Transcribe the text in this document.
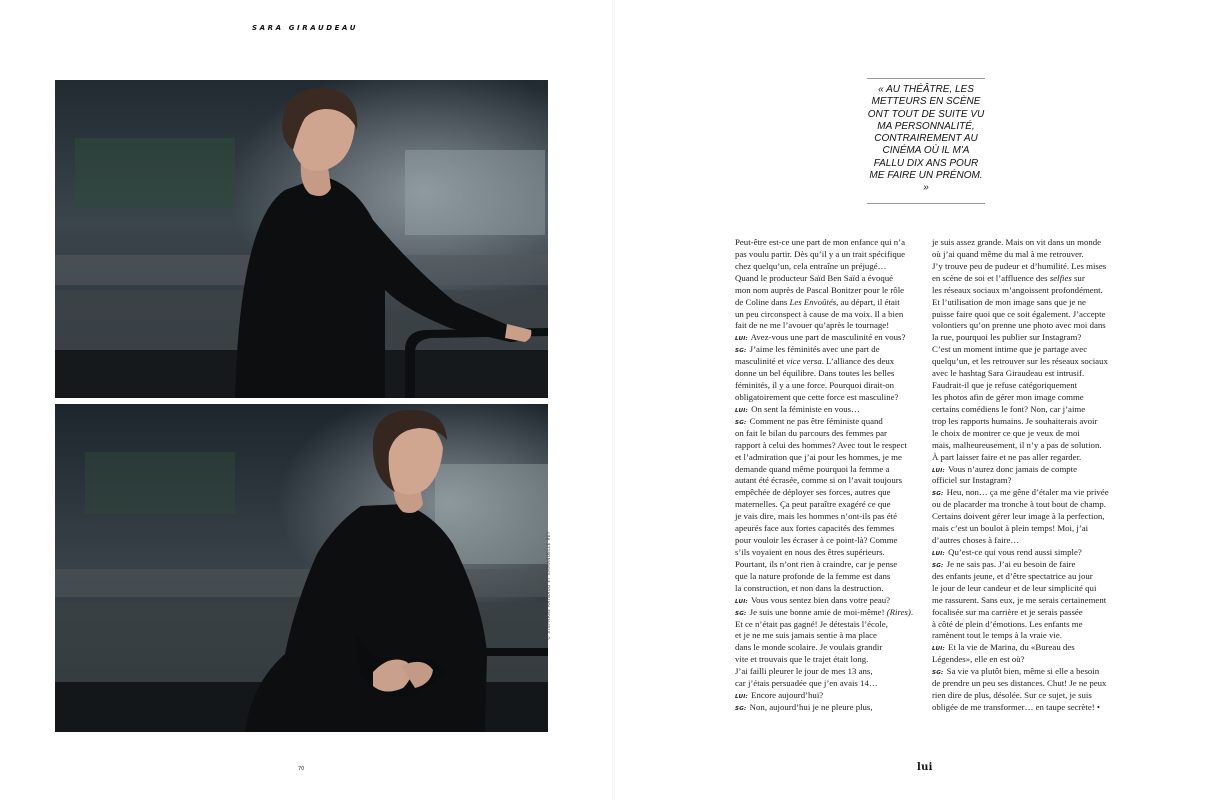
SARA GIRAUDEAU
© STÉPHANE RAYBAUD ET EMMANUELLE REY
« AU THÉÂTRE, LES
METTEURS EN SCÈNE
ONT TOUT DE SUITE VU
MA PERSONNALITÉ,
CONTRAIREMENT AU
CINÉMA OÙ IL M'A
FALLU DIX ANS POUR
ME FAIRE UN PRÉNOM. »
Peut-être est-ce une part de mon enfance qui n’a
pas voulu partir. Dès qu’il y a un trait spécifique
chez quelqu’un, cela entraîne un préjugé…
Quand le producteur Saïd Ben Saïd a évoqué
mon nom auprès de Pascal Bonitzer pour le rôle
de Coline dans Les Envoûtés, au départ, il était
un peu circonspect à cause de ma voix. Il a bien
fait de ne me l’avouer qu’après le tournage!
LUI: Avez-vous une part de masculinité en vous?
SG: J’aime les féminités avec une part de
masculinité et vice versa. L’alliance des deux
donne un bel équilibre. Dans toutes les belles
féminités, il y a une force. Pourquoi dirait-on
obligatoirement que cette force est masculine?
LUI: On sent la féministe en vous…
SG: Comment ne pas être féministe quand
on fait le bilan du parcours des femmes par
rapport à celui des hommes? Avec tout le respect
et l’admiration que j’ai pour les hommes, je me
demande quand même pourquoi la femme a
autant été écrasée, comme si on l’avait toujours
empêchée de déployer ses forces, autres que
maternelles. Ça peut paraître exagéré ce que
je vais dire, mais les hommes n’ont-ils pas été
apeurés face aux fortes capacités des femmes
pour vouloir les écraser à ce point-là? Comme
s’ils voyaient en nous des êtres supérieurs.
Pourtant, ils n’ont rien à craindre, car je pense
que la nature profonde de la femme est dans
la construction, et non dans la destruction.
LUI: Vous vous sentez bien dans votre peau?
SG: Je suis une bonne amie de moi-même! (Rires).
Et ce n’était pas gagné! Je détestais l’école,
et je ne me suis jamais sentie à ma place
dans le monde scolaire. Je voulais grandir
vite et trouvais que le trajet était long.
J’ai failli pleurer le jour de mes 13 ans,
car j’étais persuadée que j’en avais 14…
LUI: Encore aujourd’hui?
SG: Non, aujourd’hui je ne pleure plus,
je suis assez grande. Mais on vit dans un monde
où j’ai quand même du mal à me retrouver.
J’y trouve peu de pudeur et d’humilité. Les mises
en scène de soi et l’affluence des selfies sur
les réseaux sociaux m’angoissent profondément.
Et l’utilisation de mon image sans que je ne
puisse faire quoi que ce soit également. J’accepte
volontiers qu’on prenne une photo avec moi dans
la rue, pourquoi les publier sur Instagram?
C’est un moment intime que je partage avec
quelqu’un, et les retrouver sur les réseaux sociaux
avec le hashtag Sara Giraudeau est intrusif.
Faudrait-il que je refuse catégoriquement
les photos afin de gérer mon image comme
certains comédiens le font? Non, car j’aime
trop les rapports humains. Je souhaiterais avoir
le choix de montrer ce que je veux de moi
mais, malheureusement, il n’y a pas de solution.
À part laisser faire et ne pas aller regarder.
LUI: Vous n’aurez donc jamais de compte
officiel sur Instagram?
SG: Heu, non… ça me gêne d’étaler ma vie privée
ou de placarder ma tronche à tout bout de champ.
Certains doivent gérer leur image à la perfection,
mais c’est un boulot à plein temps! Moi, j’ai
d’autres choses à faire…
LUI: Qu’est-ce qui vous rend aussi simple?
SG: Je ne sais pas. J’ai eu besoin de faire
des enfants jeune, et d’être spectatrice au jour
le jour de leur candeur et de leur simplicité qui
me rassurent. Sans eux, je me serais certainement
focalisée sur ma carrière et je serais passée
à côté de plein d’émotions. Les enfants me
ramènent tout le temps à la vraie vie.
LUI: Et la vie de Marina, du «Bureau des
Légendes», elle en est où?
SG: Sa vie va plutôt bien, même si elle a besoin
de prendre un peu ses distances. Chut! Je ne peux
rien dire de plus, désolée. Sur ce sujet, je suis
obligée de me transformer… en taupe secrète! •
70	lui
